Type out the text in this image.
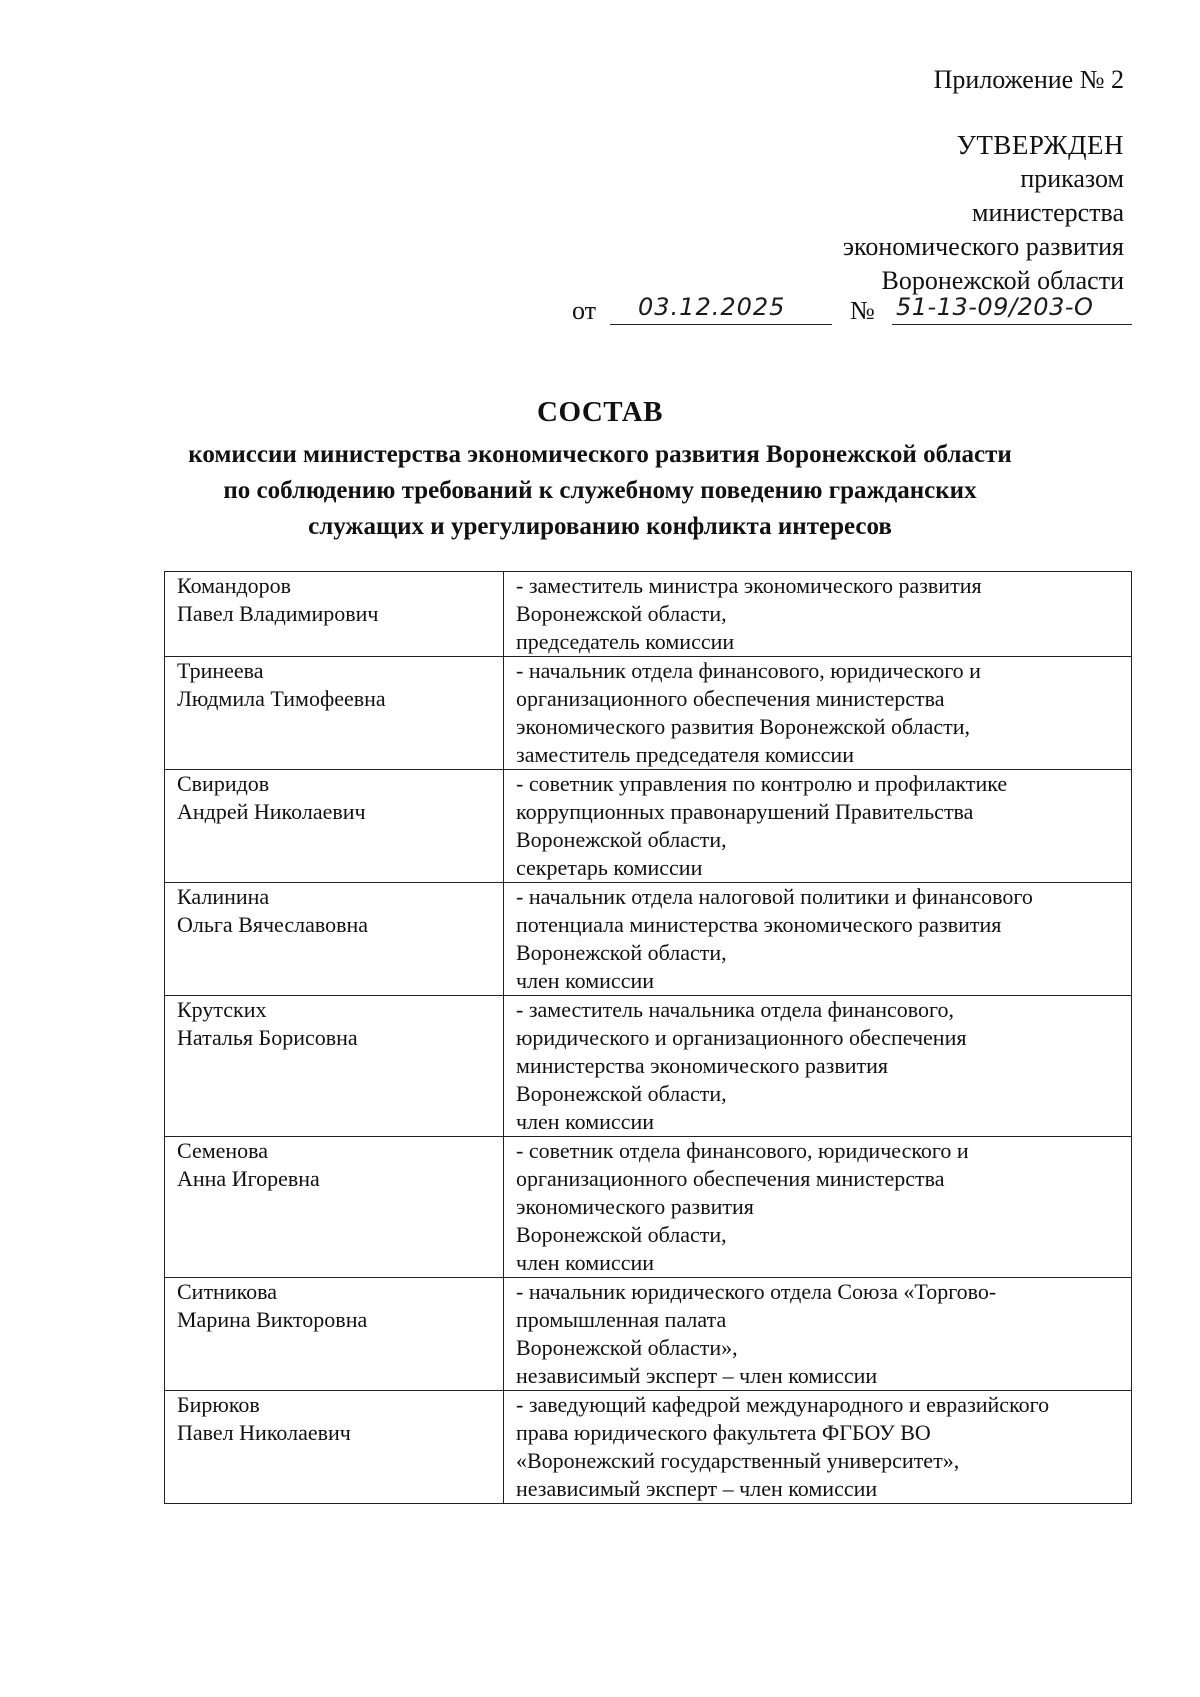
Приложение № 2
УТВЕРЖДЕН
приказом
министерства
экономического развития
Воронежской области
от 03.12.2025 № 51-13-09/203-О
СОСТАВ
комиссии министерства экономического развития Воронежской области
по соблюдению требований к служебному поведению гражданских
служащих и урегулированию конфликта интересов
Командоров
Павел Владимирович	- заместитель министра экономического развития
Воронежской области,
председатель комиссии

Тринеева
Людмила Тимофеевна	- начальник отдела финансового, юридического и
организационного обеспечения министерства
экономического развития Воронежской области,
заместитель председателя комиссии

Свиридов
Андрей Николаевич	- советник управления по контролю и профилактике
коррупционных правонарушений Правительства
Воронежской области,
секретарь комиссии

Калинина
Ольга Вячеславовна	- начальник отдела налоговой политики и финансового
потенциала министерства экономического развития
Воронежской области,
член комиссии

Крутских
Наталья Борисовна	- заместитель начальника отдела финансового,
юридического и организационного обеспечения
министерства экономического развития
Воронежской области,
член комиссии

Семенова
Анна Игоревна	- советник отдела финансового, юридического и
организационного обеспечения министерства
экономического развития
Воронежской области,
член комиссии

Ситникова
Марина Викторовна	- начальник юридического отдела Союза «Торгово-
промышленная палата
Воронежской области»,
независимый эксперт – член комиссии

Бирюков
Павел Николаевич	- заведующий кафедрой международного и евразийского
права юридического факультета ФГБОУ ВО
«Воронежский государственный университет»,
независимый эксперт – член комиссии
